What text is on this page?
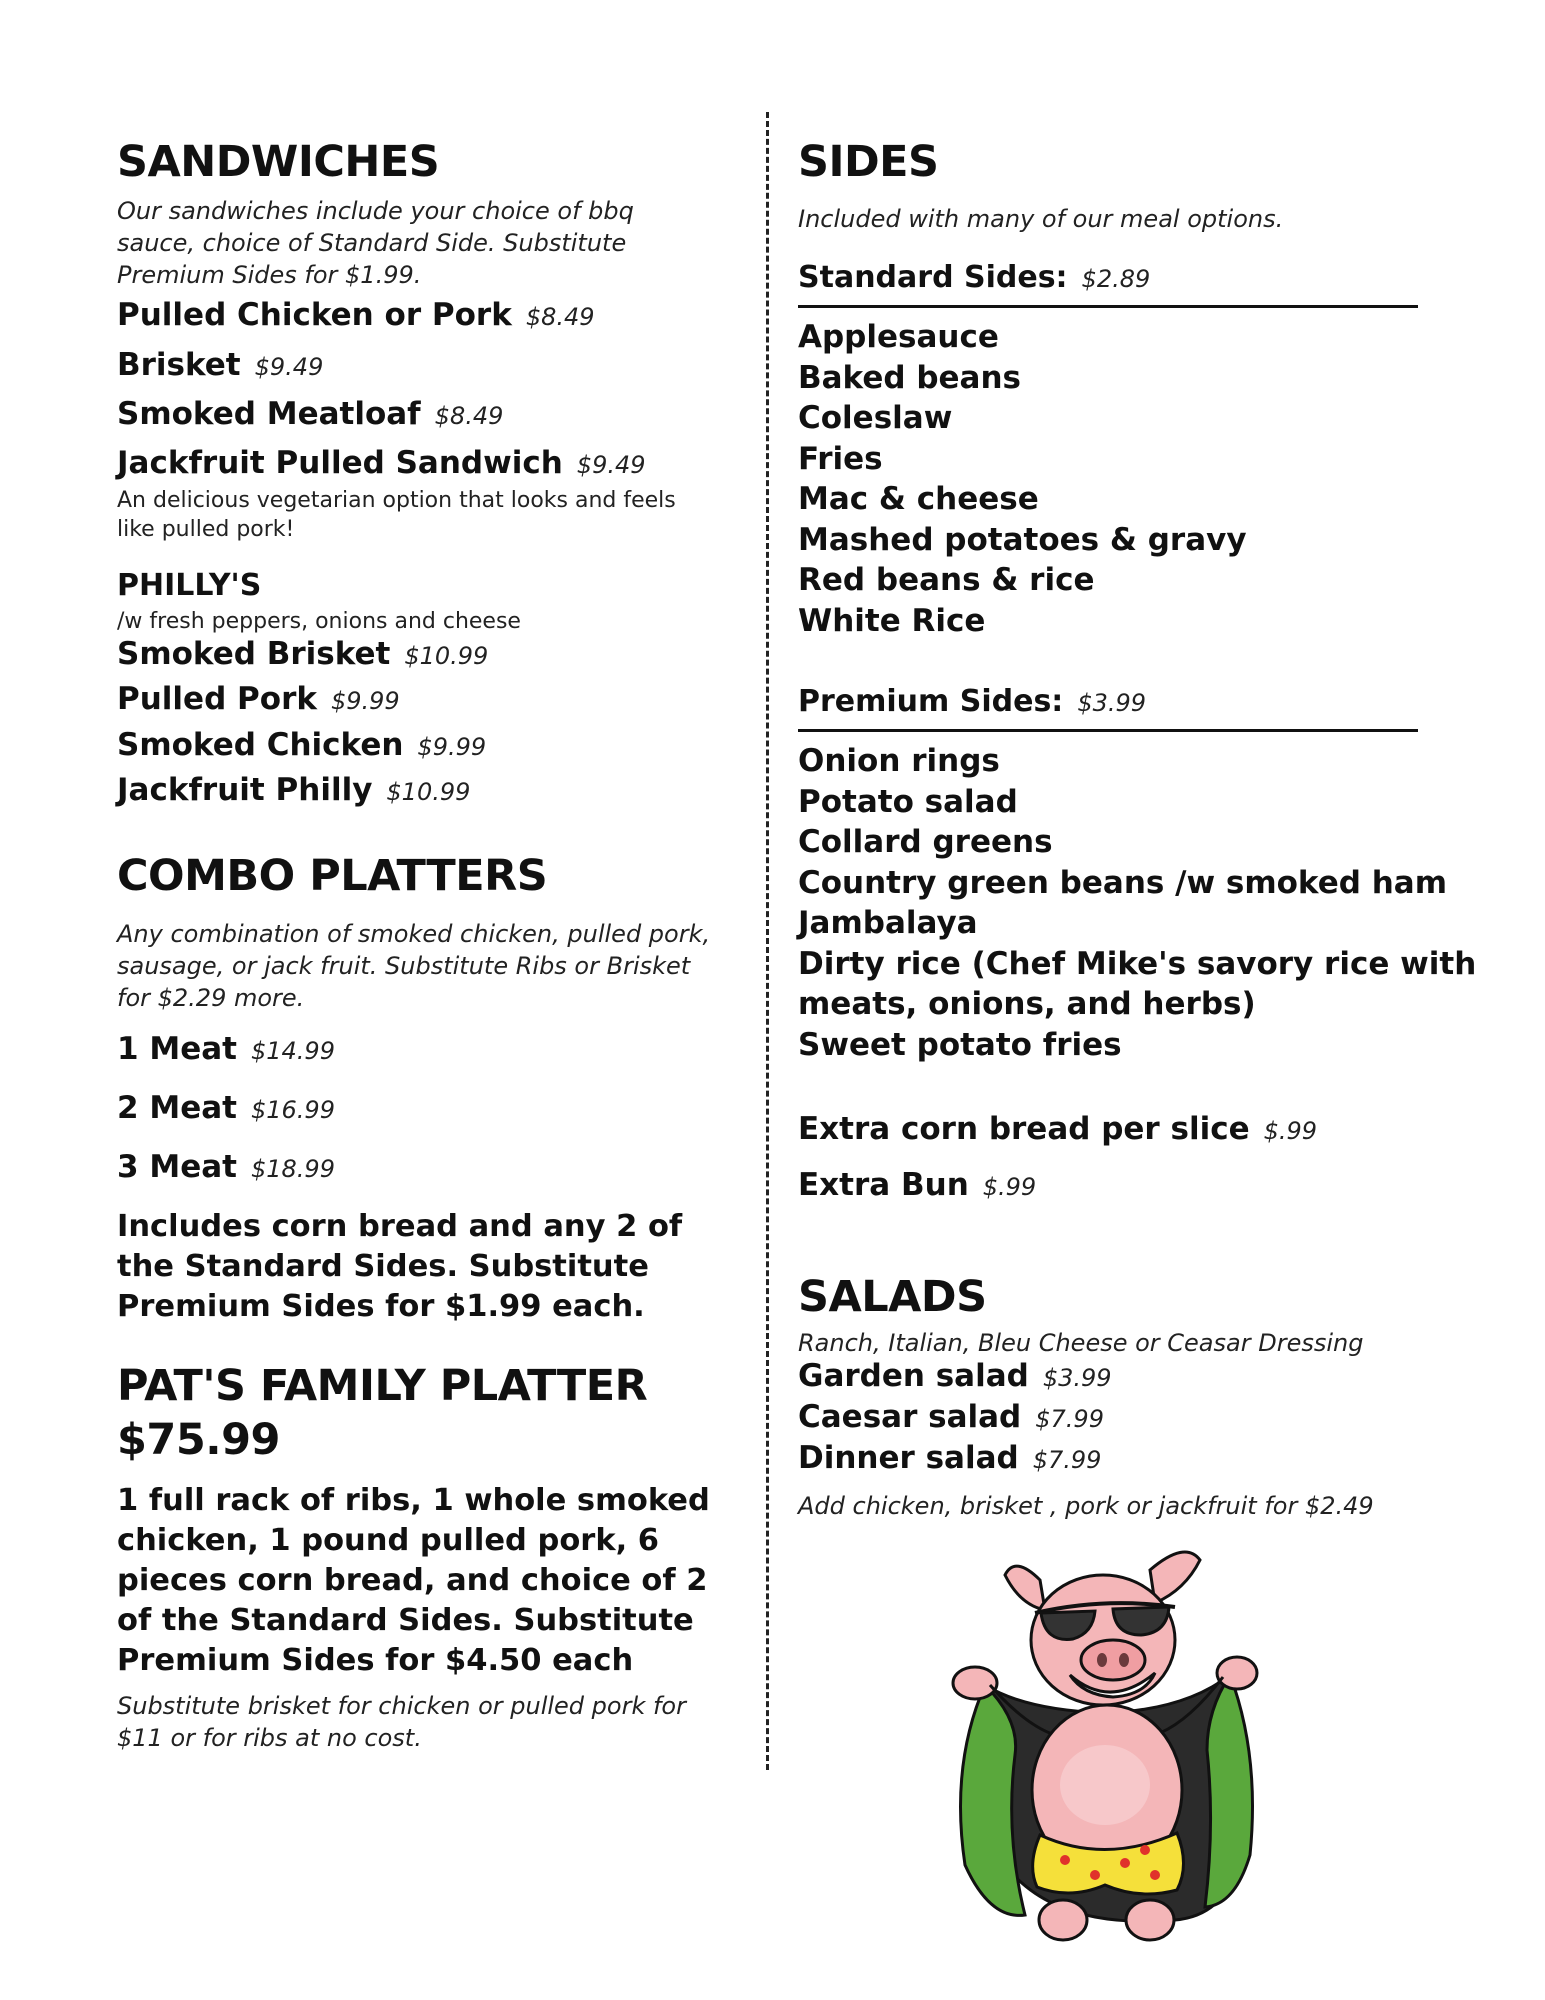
SANDWICHES
Our sandwiches include your choice of bbq sauce, choice of Standard Side. Substitute Premium Sides for $1.99.
Pulled Chicken or Pork $8.49
Brisket $9.49
Smoked Meatloaf $8.49
Jackfruit Pulled Sandwich $9.49
An delicious vegetarian option that looks and feels like pulled pork!
PHILLY'S
/w fresh peppers, onions and cheese
Smoked Brisket $10.99
Pulled Pork $9.99
Smoked Chicken $9.99
Jackfruit Philly $10.99
COMBO PLATTERS
Any combination of smoked chicken, pulled pork, sausage, or jack fruit. Substitute Ribs or Brisket for $2.29 more.
1 Meat $14.99
2 Meat $16.99
3 Meat $18.99
Includes corn bread and any 2 of the Standard Sides. Substitute Premium Sides for $1.99 each.
PAT'S FAMILY PLATTER
$75.99
1 full rack of ribs, 1 whole smoked chicken, 1 pound pulled pork, 6 pieces corn bread, and choice of 2 of the Standard Sides. Substitute Premium Sides for $4.50 each
Substitute brisket for chicken or pulled pork for $11 or for ribs at no cost.
SIDES
Included with many of our meal options.
Standard Sides: $2.89
Applesauce
Baked beans
Coleslaw
Fries
Mac & cheese
Mashed potatoes & gravy
Red beans & rice
White Rice
Premium Sides: $3.99
Onion rings
Potato salad
Collard greens
Country green beans /w smoked ham
Jambalaya
Dirty rice (Chef Mike's savory rice with
meats, onions, and herbs)
Sweet potato fries
Extra corn bread per slice $.99
Extra Bun $.99
SALADS
Ranch, Italian, Bleu Cheese or Ceasar Dressing
Garden salad $3.99
Caesar salad $7.99
Dinner salad $7.99
Add chicken, brisket , pork or jackfruit for $2.49
